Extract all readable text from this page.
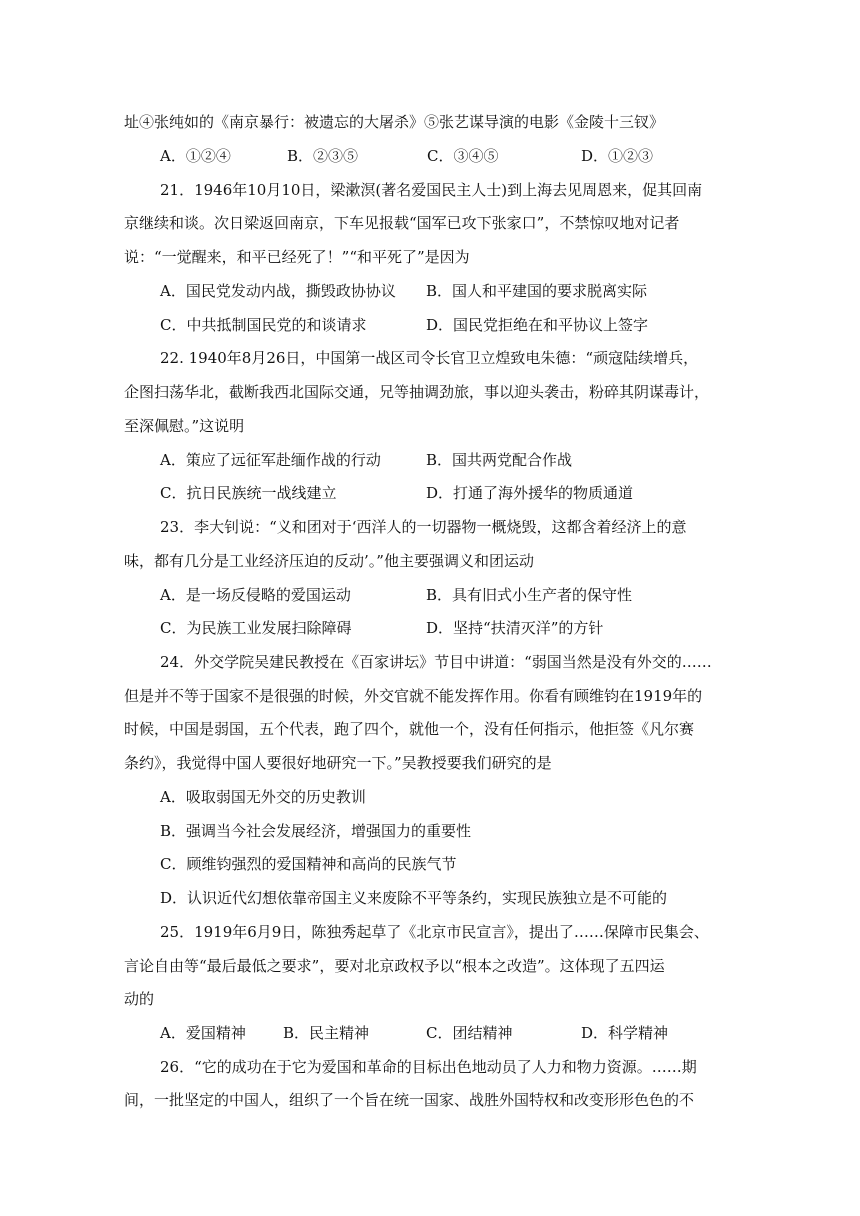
址④张纯如的《南京暴行：被遗忘的大屠杀》⑤张艺谋导演的电影《金陵十三钗》
A．①②④	B．②③⑤	C．③④⑤	D．①②③
21．1946年10月10日，梁漱溟(著名爱国民主人士)到上海去见周恩来，促其回南
京继续和谈。次日梁返回南京，下车见报载“国军已攻下张家口”，不禁惊叹地对记者
说：“一觉醒来，和平已经死了！”“和平死了”是因为
A．国民党发动内战，撕毁政协协议 B．国人和平建国的要求脱离实际
C．中共抵制国民党的和谈请求	D．国民党拒绝在和平协议上签字
22. 1940年8月26日，中国第一战区司令长官卫立煌致电朱德：“顽寇陆续增兵，
企图扫荡华北，截断我西北国际交通，兄等抽调劲旅，事以迎头袭击，粉碎其阴谋毒计，
至深佩慰。”这说明
A．策应了远征军赴缅作战的行动	B．国共两党配合作战
C．抗日民族统一战线建立	D．打通了海外援华的物质通道
23．李大钊说：“义和团对于‘西洋人的一切器物一概烧毁，这都含着经济上的意
味，都有几分是工业经济压迫的反动’。”他主要强调义和团运动
A．是一场反侵略的爱国运动	B．具有旧式小生产者的保守性
C．为民族工业发展扫除障碍	D．坚持“扶清灭洋”的方针
24．外交学院吴建民教授在《百家讲坛》节目中讲道：“弱国当然是没有外交的……
但是并不等于国家不是很强的时候，外交官就不能发挥作用。你看有顾维钧在1919年的
时候，中国是弱国，五个代表，跑了四个，就他一个，没有任何指示，他拒签《凡尔赛
条约》，我觉得中国人要很好地研究一下。”吴教授要我们研究的是
A．吸取弱国无外交的历史教训
B．强调当今社会发展经济，增强国力的重要性
C．顾维钧强烈的爱国精神和高尚的民族气节
D．认识近代幻想依靠帝国主义来废除不平等条约，实现民族独立是不可能的
25．1919年6月9日，陈独秀起草了《北京市民宣言》，提出了……保障市民集会、
言论自由等“最后最低之要求”，要对北京政权予以“根本之改造”。这体现了五四运
动的
A．爱国精神 B．民主精神	C．团结精神	D．科学精神
26．“它的成功在于它为爱国和革命的目标出色地动员了人力和物力资源。……期
间，一批坚定的中国人，组织了一个旨在统一国家、战胜外国特权和改变形形色色的不
